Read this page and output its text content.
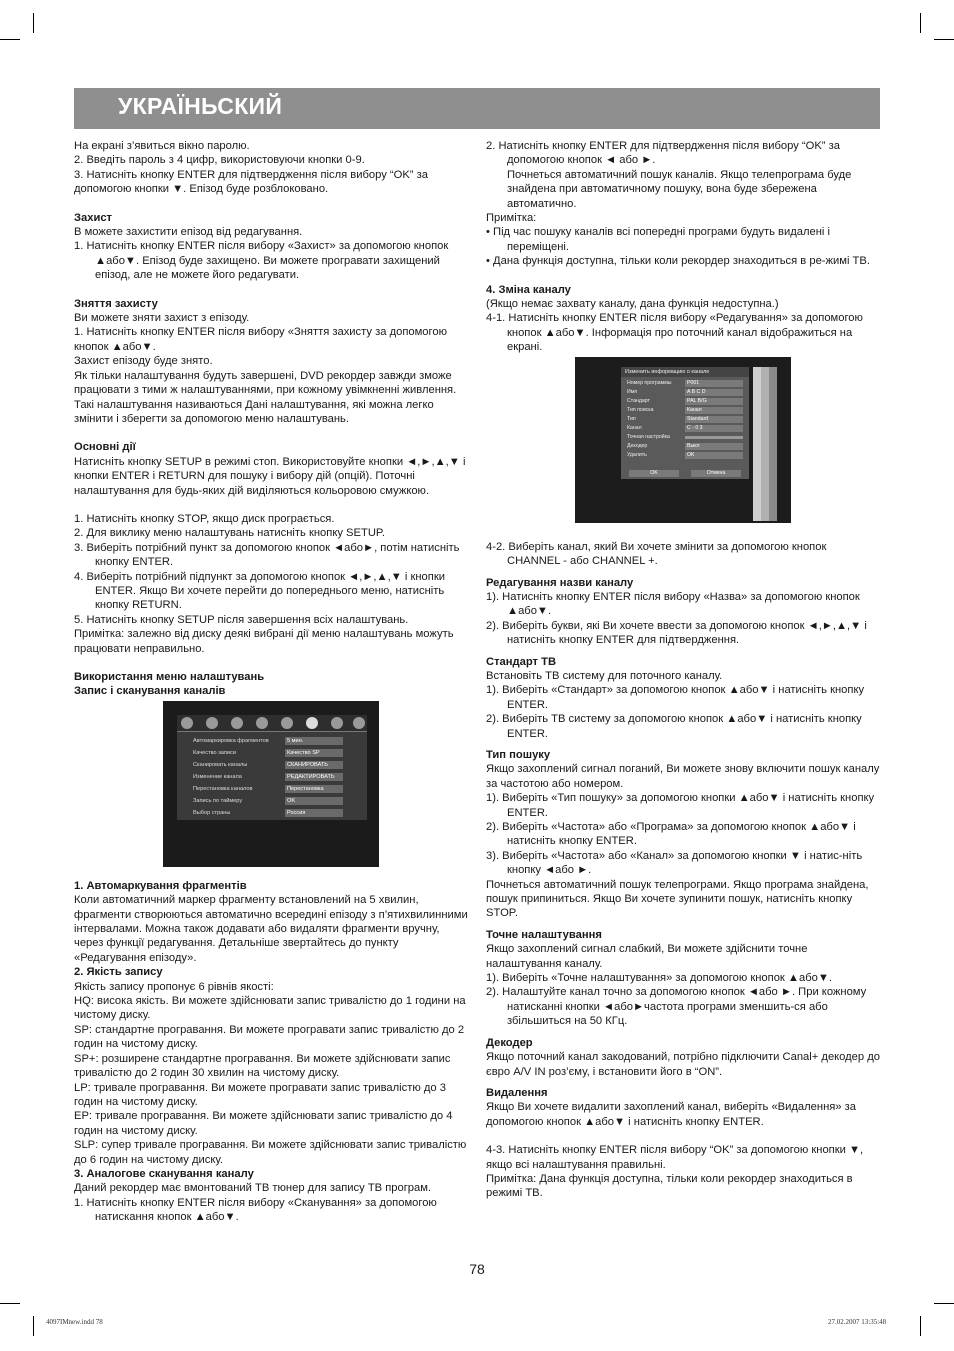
УКРАЇНЬСКИЙ

На екрані з’явиться вікно паролю.

2. Введіть пароль з 4 цифр, використовуючи кнопки 0-9.

3. Натисніть кнопку ENTER для підтвердження після вибору “OK” за допомогою кнопки ▼. Епізод буде розблоковано.

Захист

В можете захистити епізод від редагування.

1. Натисніть кнопку ENTER після вибору «Захист» за допомогою кнопок ▲або▼. Епізод буде захищено. Ви можете програвати захищений епізод, але не можете його редагувати.

Зняття захисту

Ви можете зняти захист з епізоду.

1. Натисніть кнопку ENTER після вибору «Зняття захисту за допомогою кнопок ▲або▼.

Захист епізоду буде знято.

Як тільки налаштування будуть завершені, DVD рекордер завжди зможе працювати з тими ж налаштуваннями, при кожному увімкненні живлення. Такі налаштування називаються Дані налаштування, які можна легко змінити і зберегти за допомогою меню налаштувань.

Основні дії

Натисніть кнопку SETUP в режимі стоп. Використовуйте кнопки ◄,►,▲,▼ і кнопки ENTER і RETURN для пошуку і вибору дій (опцій). Поточні налаштування для будь-яких дій виділяються кольоровою смужкою.

1. Натисніть кнопку STOP, якщо диск програється.

2. Для виклику меню налаштувань натисніть кнопку SETUP.

3. Виберіть потрібний пункт за допомогою кнопок ◄або►, потім натисніть кнопку ENTER.

4. Виберіть потрібний підпункт за допомогою кнопок ◄,►,▲,▼ і кнопки ENTER. Якщо Ви хочете перейти до попереднього меню, натисніть кнопку RETURN.

5. Натисніть кнопку SETUP після завершення всіх налаштувань.

Примітка: залежно від диску деякі вибрані дії меню налаштувань можуть працювати неправильно.

Використання меню налаштувань

Запис і сканування каналів

Автомаркировка фрагментов	5 мин.
Качество записи	Качество SP
Сканировать каналы	СКАНИРОВАТЬ
Изменение канала	РЕДАКТИРОВАТЬ
Перестановка каналов	Перестановка
Запись по таймеру	OK
Выбор страны	Россия

1. Автомаркування фрагментів

Коли автоматичний маркер фрагменту встановлений на 5 хвилин, фрагменти створюються автоматично всередині епізоду з п’ятихвилинними інтервалами. Можна також додавати або видаляти фрагменти вручну, через функції редагування. Детальніше звертайтесь до пункту «Редагування епізоду».

2. Якість запису

Якість запису пропонує 6 рівнів якості:

HQ: висока якість. Ви можете здійснювати запис тривалістю до 1 години на чистому диску.

SP: стандартне програвання. Ви можете програвати запис тривалістю до 2 годин на чистому диску.

SP+: розширене стандартне програвання. Ви можете здійснювати запис тривалістю до 2 годин 30 хвилин на чистому диску.

LP: тривале програвання. Ви можете програвати запис тривалістю до 3 годин на чистому диску.

EP: тривале програвання. Ви можете здійснювати запис тривалістю до 4 годин на чистому диску.

SLP: супер тривале програвання. Ви можете здійснювати запис тривалістю до 6 годин на чистому диску.

3. Аналогове сканування каналу

Даний рекордер має вмонтований ТВ тюнер для запису ТВ програм.

1. Натисніть кнопку ENTER після вибору «Сканування» за допомогою натискання кнопок ▲або▼.

2. Натисніть кнопку ENTER для підтвердження після вибору “OK” за допомогою кнопок ◄ або ►.

Почнеться автоматичний пошук каналів. Якщо телепрограма буде знайдена при автоматичному пошуку, вона буде збережена автоматично.

Примітка:

• Під час пошуку каналів всі попередні програми будуть видалені і переміщені.

• Дана функція доступна, тільки коли рекордер знаходиться в ре-жимі ТВ.

4. Зміна каналу

(Якщо немає захвату каналу, дана функція недоступна.)

4-1. Натисніть кнопку ENTER після вибору «Редагування» за допомогою кнопок ▲або▼. Інформація про поточний канал відображиться на екрані.

Изменить информацию о канале
Номер программы	P001
Имя	A B C D
Стандарт	PAL B/G
Тип поиска	Канал
Тип	Standard
Канал	C - 0 3
Точная настройка
Декодер	Выкл
Удалить	OK
OK	Отмена

4-2. Виберіть канал, який Ви хочете змінити за допомогою кнопок CHANNEL - або CHANNEL +.

Редагування назви каналу

1). Натисніть кнопку ENTER після вибору «Назва» за допомогою кнопок ▲або▼.

2). Виберіть букви, які Ви хочете ввести за допомогою кнопок ◄,►,▲,▼ і натисніть кнопку ENTER для підтвердження.

Стандарт ТВ

Встановіть ТВ систему для поточного каналу.

1). Виберіть «Стандарт» за допомогою кнопок ▲або▼ і натисніть кнопку ENTER.

2). Виберіть ТВ систему за допомогою кнопок ▲або▼ і натисніть кнопку ENTER.

Тип пошуку

Якщо захоплений сигнал поганий, Ви можете знову включити пошук каналу за частотою або номером.

1). Виберіть «Тип пошуку» за допомогою кнопки ▲або▼ і натисніть кнопку ENTER.

2). Виберіть «Частота» або «Програма» за допомогою кнопок ▲або▼ і натисніть кнопку ENTER.

3). Виберіть «Частота» або «Канал» за допомогою кнопки ▼ і натис-ніть кнопку ◄або ►.

Почнеться автоматичний пошук телепрограми. Якщо програма знайдена, пошук припиниться. Якщо Ви хочете зупинити пошук, натисніть кнопку STOP.

Точне налаштування

Якщо захоплений сигнал слабкий, Ви можете здійснити точне налаштування каналу.

1). Виберіть «Точне налаштування» за допомогою кнопок ▲або▼.

2). Налаштуйте канал точно за допомогою кнопок ◄або ►. При кожному натисканні кнопки ◄або►частота програми зменшить-ся або збільшиться на 50 КГц.

Декодер

Якщо поточний канал закодований, потрібно підключити Canal+ декодер до євро A/V IN роз’єму, і встановити його в “ON”.

Видалення

Якщо Ви хочете видалити захоплений канал, виберіть «Видалення» за допомогою кнопок ▲або▼ і натисніть кнопку ENTER.

4-3. Натисніть кнопку ENTER після вибору “OK” за допомогою кнопки ▼, якщо всі налаштування правильні.

Примітка: Дана функція доступна, тільки коли рекордер знаходиться в режимі ТВ.

78
4097IMnew.indd 78	27.02.2007 13:35:48
